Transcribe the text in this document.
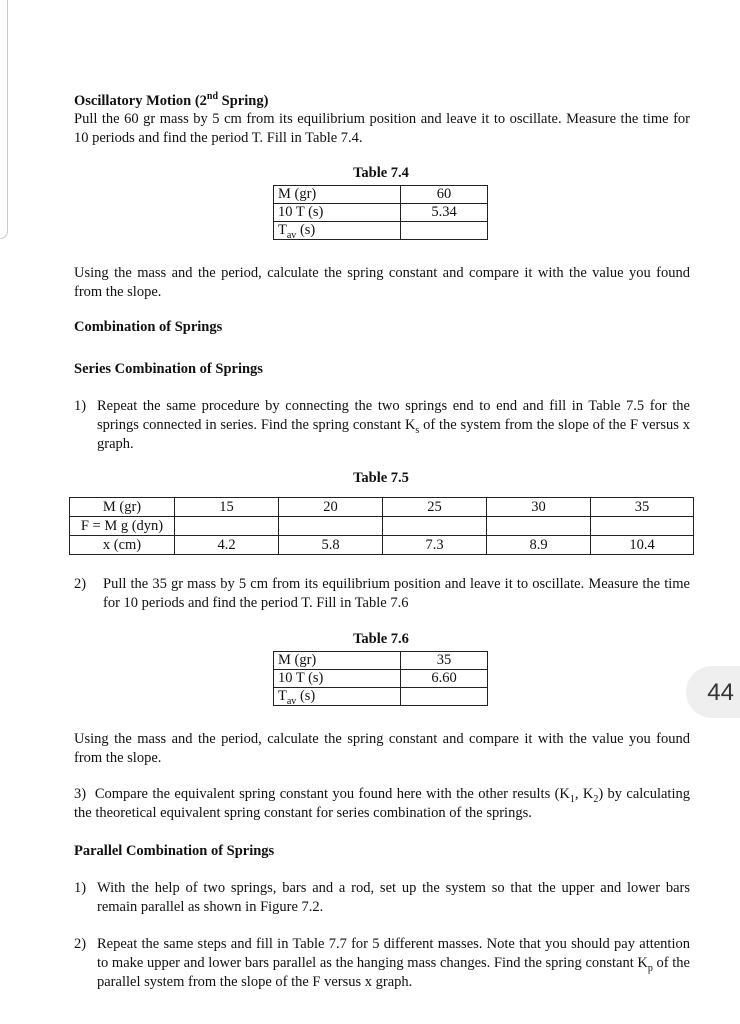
Oscillatory Motion (2nd Spring)
Pull the 60 gr mass by 5 cm from its equilibrium position and leave it to oscillate. Measure the time for 10 periods and find the period T. Fill in Table 7.4.
Table 7.4
M (gr)	60
10 T (s)	5.34
$T_{av}$ (s)	
Using the mass and the period, calculate the spring constant and compare it with the value you found from the slope.
Combination of Springs
Series Combination of Springs
1) Repeat the same procedure by connecting the two springs end to end and fill in Table 7.5 for the springs connected in series. Find the spring constant $K_s$ of the system from the slope of the F versus x graph.
Table 7.5
M (gr)	15	20	25	30	35
F = M g (dyn)					
x (cm)	4.2	5.8	7.3	8.9	10.4
2) Pull the 35 gr mass by 5 cm from its equilibrium position and leave it to oscillate. Measure the time for 10 periods and find the period T. Fill in Table 7.6
Table 7.6
M (gr)	35
10 T (s)	6.60
$T_{av}$ (s)		44
Using the mass and the period, calculate the spring constant and compare it with the value you found from the slope.
3) Compare the equivalent spring constant you found here with the other results ($K_1$, $K_2$) by calculating the theoretical equivalent spring constant for series combination of the springs.
Parallel Combination of Springs
1) With the help of two springs, bars and a rod, set up the system so that the upper and lower bars remain parallel as shown in Figure 7.2.
2) Repeat the same steps and fill in Table 7.7 for 5 different masses. Note that you should pay attention to make upper and lower bars parallel as the hanging mass changes. Find the spring constant $K_p$ of the parallel system from the slope of the F versus x graph.
